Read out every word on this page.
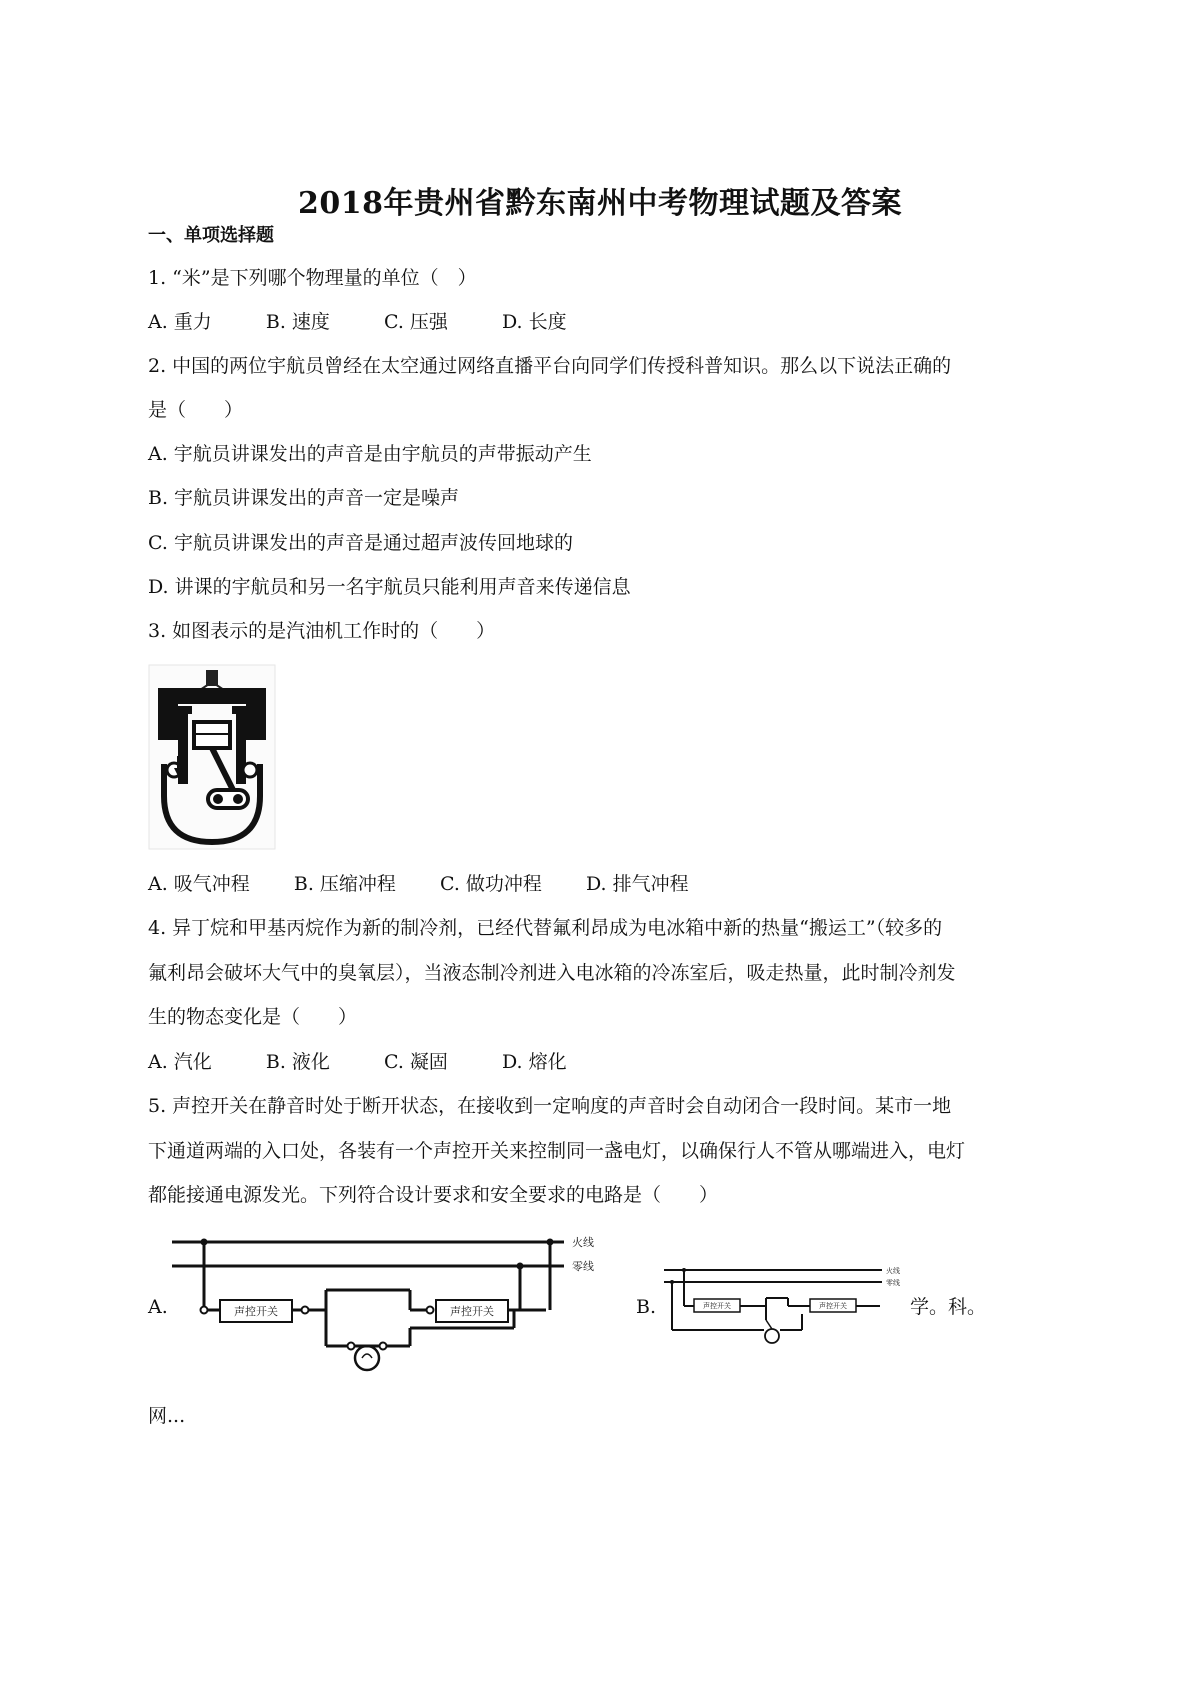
2018年贵州省黔东南州中考物理试题及答案
一、单项选择题
1. “米”是下列哪个物理量的单位（　）
A. 重力	B. 速度	C. 压强	D. 长度
2. 中国的两位宇航员曾经在太空通过网络直播平台向同学们传授科普知识。那么以下说法正确的
是（　　）
A. 宇航员讲课发出的声音是由宇航员的声带振动产生
B. 宇航员讲课发出的声音一定是噪声
C. 宇航员讲课发出的声音是通过超声波传回地球的
D. 讲课的宇航员和另一名宇航员只能利用声音来传递信息
3. 如图表示的是汽油机工作时的（　　）
A. 吸气冲程 B. 压缩冲程 C. 做功冲程 D. 排气冲程
4. 异丁烷和甲基丙烷作为新的制冷剂，已经代替氟利昂成为电冰箱中新的热量“搬运工”（较多的
氟利昂会破坏大气中的臭氧层），当液态制冷剂进入电冰箱的冷冻室后，吸走热量，此时制冷剂发
生的物态变化是（　　）
A. 汽化	B. 液化	C. 凝固	D. 熔化
5. 声控开关在静音时处于断开状态，在接收到一定响度的声音时会自动闭合一段时间。某市一地
下通道两端的入口处，各装有一个声控开关来控制同一盏电灯，以确保行人不管从哪端进入，电灯
都能接通电源发光。下列符合设计要求和安全要求的电路是（　　）
A.
火线
零线
声控开关	声控开关	B.
火线
零线
声控开关	声控开关	学。科。
网...
